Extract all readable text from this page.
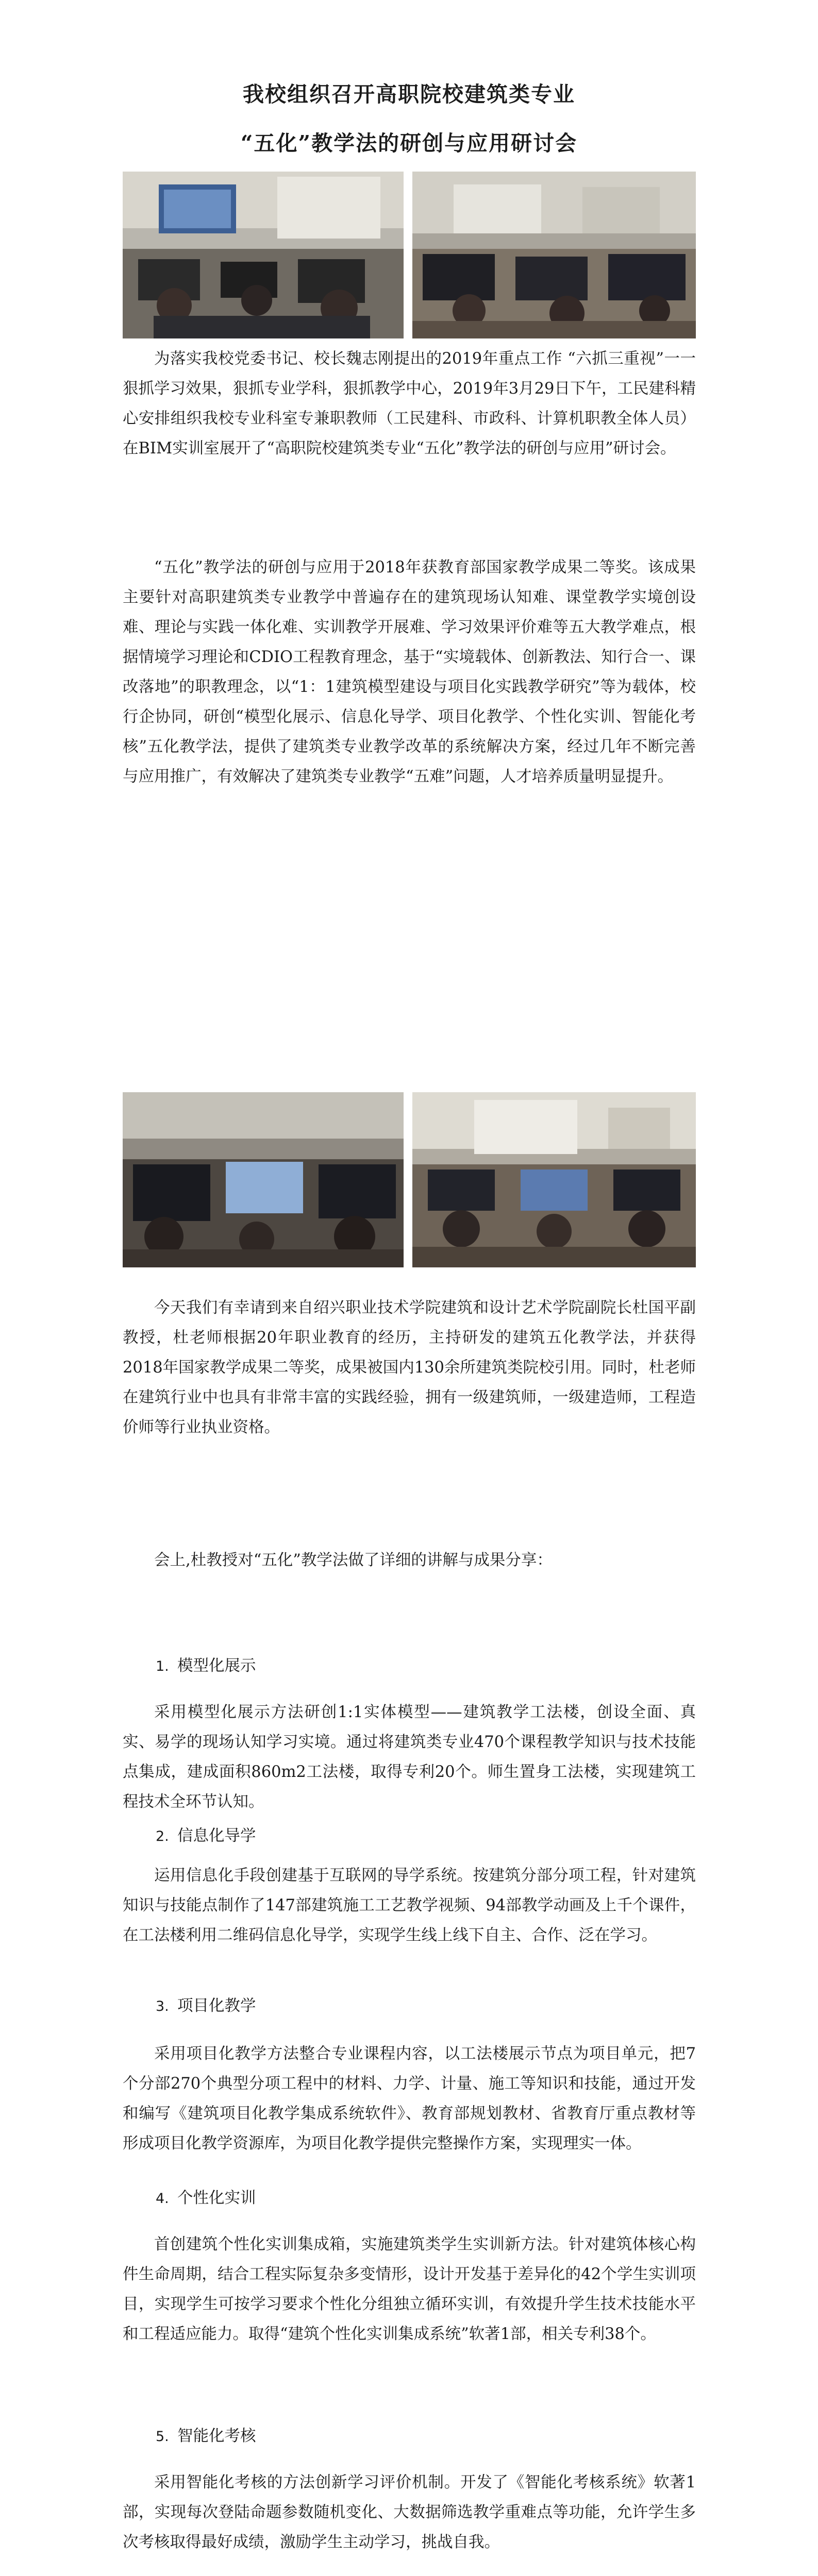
我校组织召开高职院校建筑类专业
“五化”教学法的研创与应用研讨会
为落实我校党委书记、校长魏志刚提出的2019年重点工作 “六抓三重视”一一狠抓学习效果，狠抓专业学科，狠抓教学中心，2019年3月29日下午，工民建科精心安排组织我校专业科室专兼职教师（工民建科、市政科、计算机职教全体人员）在BIM实训室展开了“高职院校建筑类专业“五化”教学法的研创与应用”研讨会。
“五化”教学法的研创与应用于2018年获教育部国家教学成果二等奖。该成果主要针对高职建筑类专业教学中普遍存在的建筑现场认知难、课堂教学实境创设难、理论与实践一体化难、实训教学开展难、学习效果评价难等五大教学难点，根据情境学习理论和CDIO工程教育理念，基于“实境载体、创新教法、知行合一、课改落地”的职教理念，以“1：1建筑模型建设与项目化实践教学研究”等为载体，校行企协同，研创“模型化展示、信息化导学、项目化教学、个性化实训、智能化考核”五化教学法，提供了建筑类专业教学改革的系统解决方案，经过几年不断完善与应用推广，有效解决了建筑类专业教学“五难”问题，人才培养质量明显提升。
今天我们有幸请到来自绍兴职业技术学院建筑和设计艺术学院副院长杜国平副教授，杜老师根据20年职业教育的经历，主持研发的建筑五化教学法，并获得2018年国家教学成果二等奖，成果被国内130余所建筑类院校引用。同时，杜老师在建筑行业中也具有非常丰富的实践经验，拥有一级建筑师，一级建造师，工程造价师等行业执业资格。
会上,杜教授对“五化”教学法做了详细的讲解与成果分享：
1. 模型化展示
采用模型化展示方法研创1:1实体模型——建筑教学工法楼，创设全面、真实、易学的现场认知学习实境。通过将建筑类专业470个课程教学知识与技术技能点集成，建成面积860m2工法楼，取得专利20个。师生置身工法楼，实现建筑工程技术全环节认知。
2. 信息化导学
运用信息化手段创建基于互联网的导学系统。按建筑分部分项工程，针对建筑知识与技能点制作了147部建筑施工工艺教学视频、94部教学动画及上千个课件，在工法楼利用二维码信息化导学，实现学生线上线下自主、合作、泛在学习。
3. 项目化教学
采用项目化教学方法整合专业课程内容，以工法楼展示节点为项目单元，把7个分部270个典型分项工程中的材料、力学、计量、施工等知识和技能，通过开发和编写《建筑项目化教学集成系统软件》、教育部规划教材、省教育厅重点教材等形成项目化教学资源库，为项目化教学提供完整操作方案，实现理实一体。
4. 个性化实训
首创建筑个性化实训集成箱，实施建筑类学生实训新方法。针对建筑体核心构件生命周期，结合工程实际复杂多变情形，设计开发基于差异化的42个学生实训项目，实现学生可按学习要求个性化分组独立循环实训，有效提升学生技术技能水平和工程适应能力。取得“建筑个性化实训集成系统”软著1部，相关专利38个。
5. 智能化考核
采用智能化考核的方法创新学习评价机制。开发了《智能化考核系统》软著1部，实现每次登陆命题参数随机变化、大数据筛选教学重难点等功能，允许学生多次考核取得最好成绩，激励学生主动学习，挑战自我。
